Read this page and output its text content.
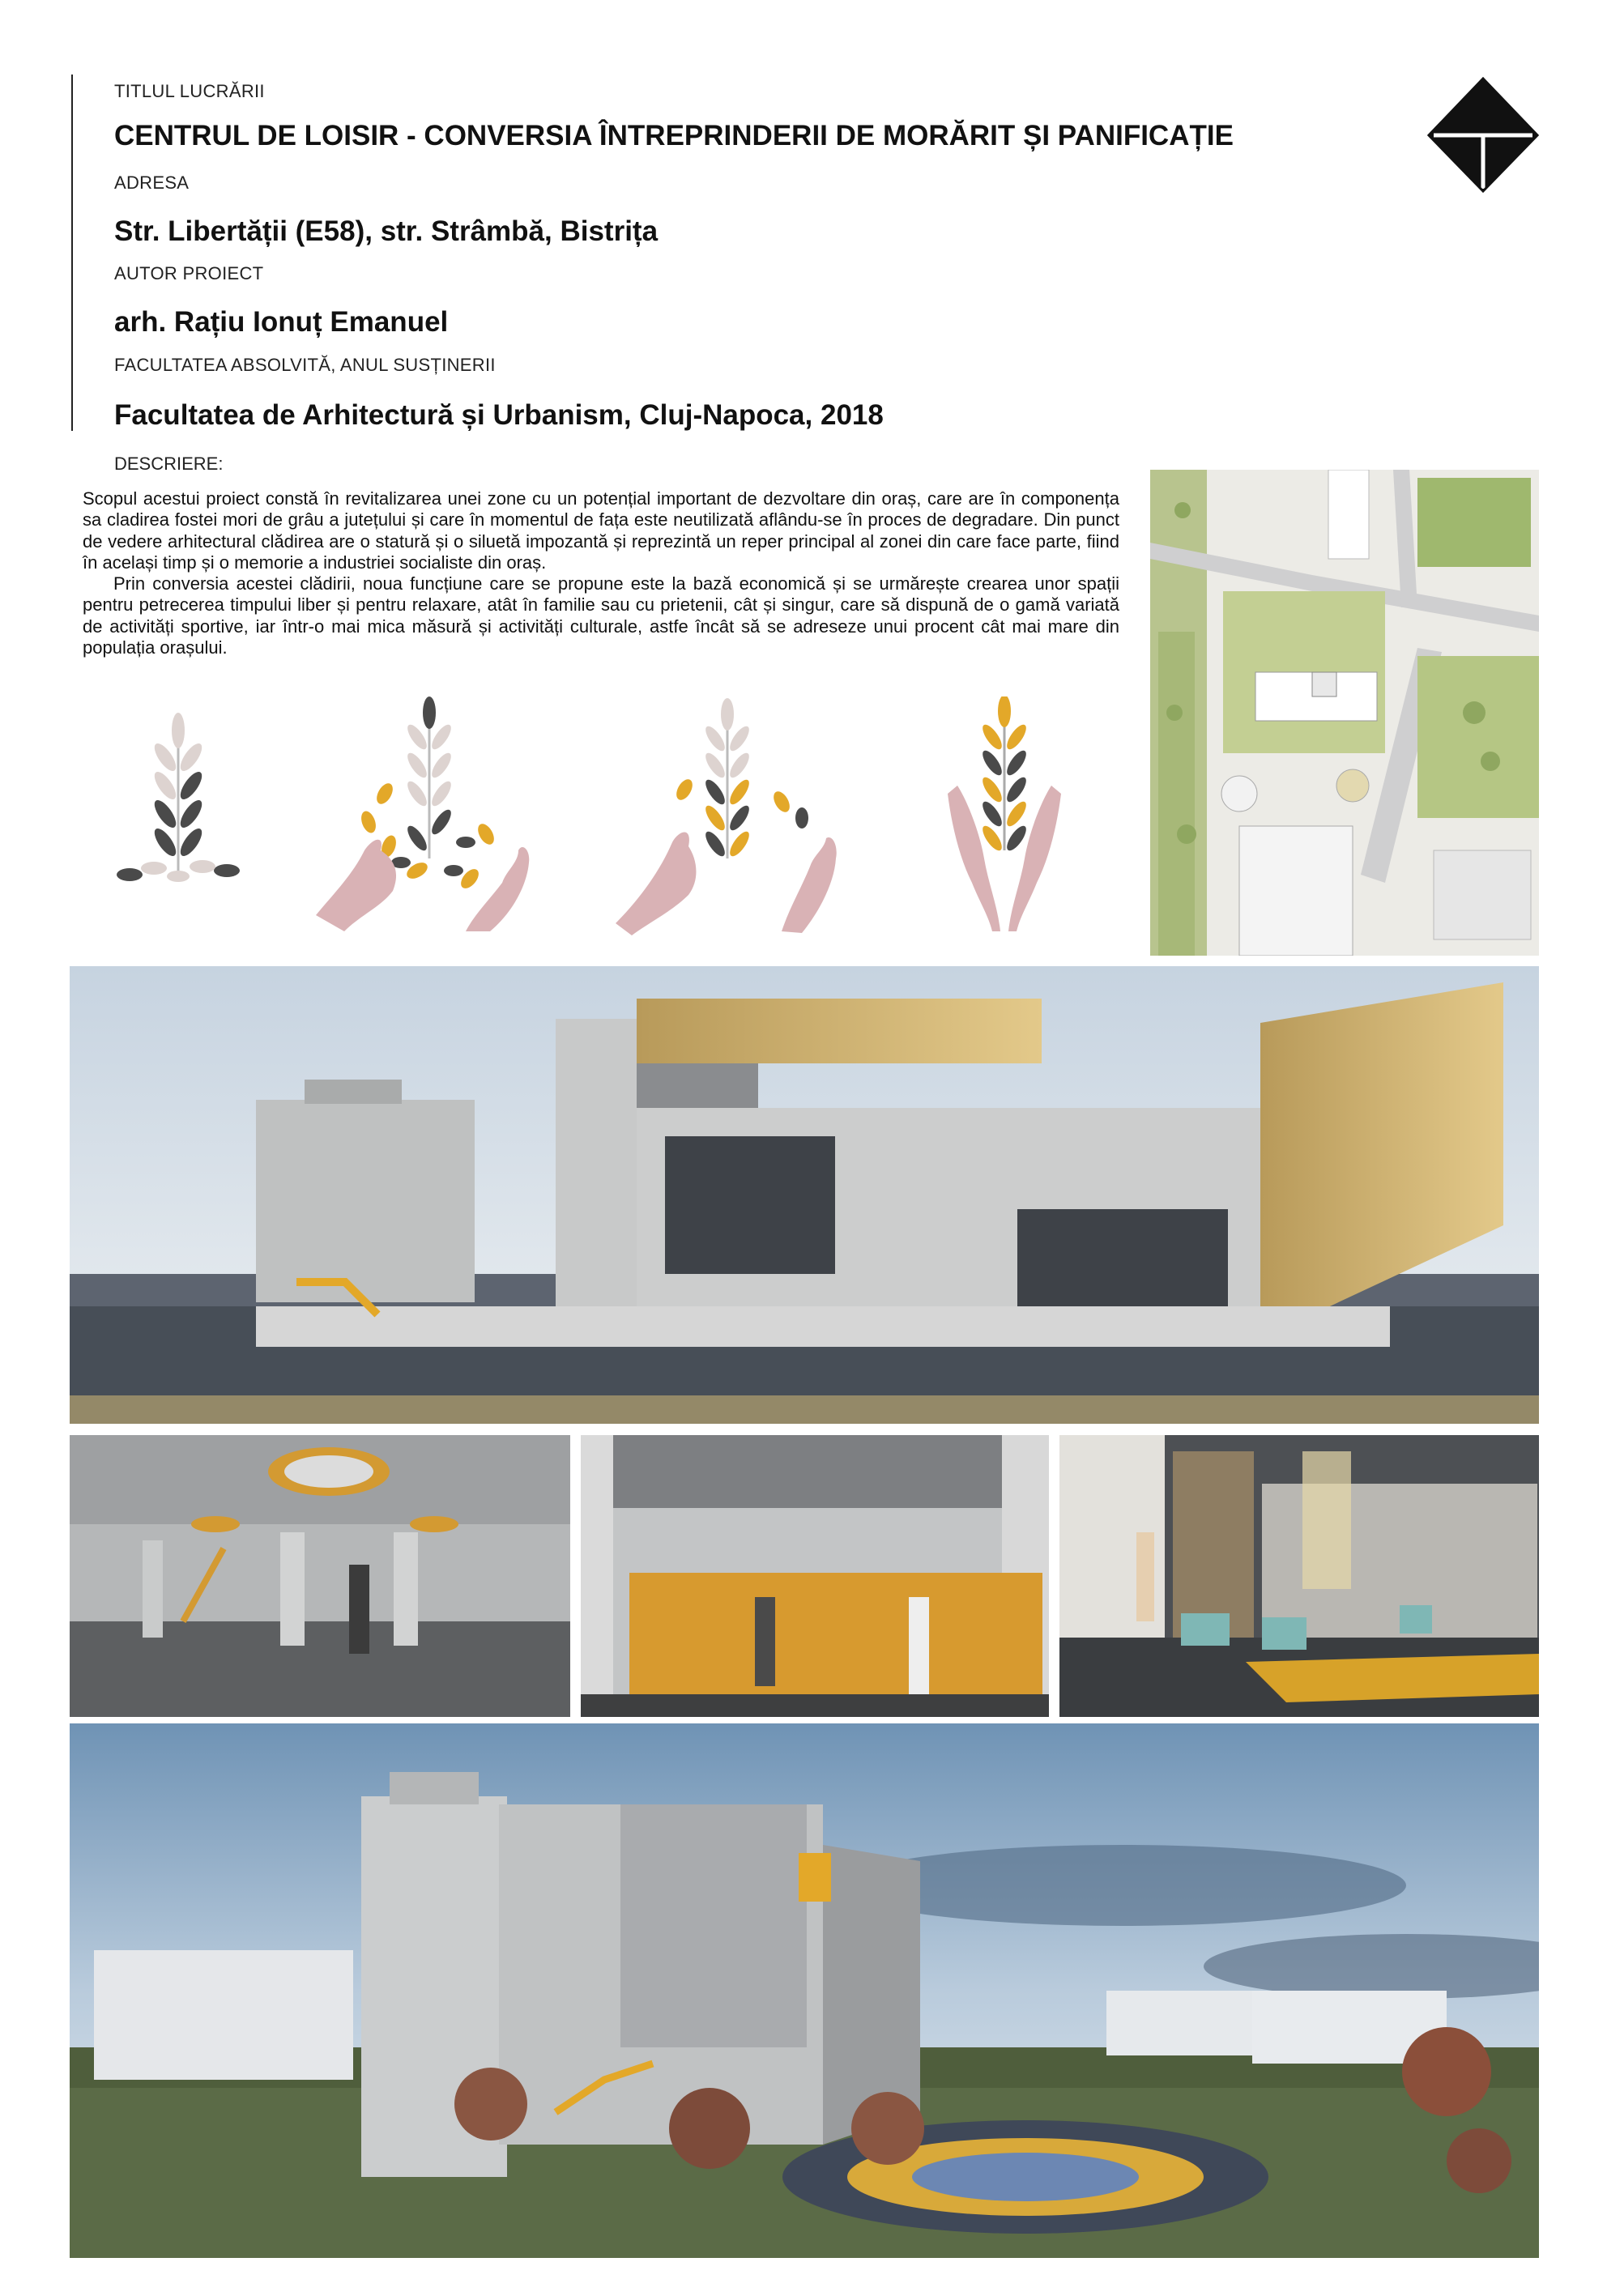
TITLUL LUCRĂRII
CENTRUL DE LOISIR - CONVERSIA ÎNTREPRINDERII DE MORĂRIT ȘI PANIFICAȚIE
ADRESA
Str. Libertății (E58), str. Strâmbă, Bistrița
AUTOR PROIECT
arh. Rațiu Ionuț Emanuel
FACULTATEA ABSOLVITĂ, ANUL SUSȚINERII
Facultatea de Arhitectură și Urbanism, Cluj-Napoca, 2018
DESCRIERE:

Scopul acestui proiect constă în revitalizarea unei zone cu un potențial important de dezvoltare din oraș, care are în componența sa cladirea fostei mori de grâu a jutețului și care în momentul de fața este neutilizată aflându-se în proces de degradare. Din punct de vedere arhitectural clădirea are o statură și o siluetă impozantă și reprezintă un reper principal al zonei din care face parte, fiind în același timp și o memorie a industriei socialiste din oraș.

Prin conversia acestei clădirii, noua funcțiune care se propune este la bază economică și se urmărește crearea unor spații pentru petrecerea timpului liber și pentru relaxare, atât în familie sau cu prietenii, cât și singur, care să dispună de o gamă variată de activități sportive, iar într-o mai mica măsură și activități culturale, astfe încât să se adreseze unui procent cât mai mare din populația orașului.
